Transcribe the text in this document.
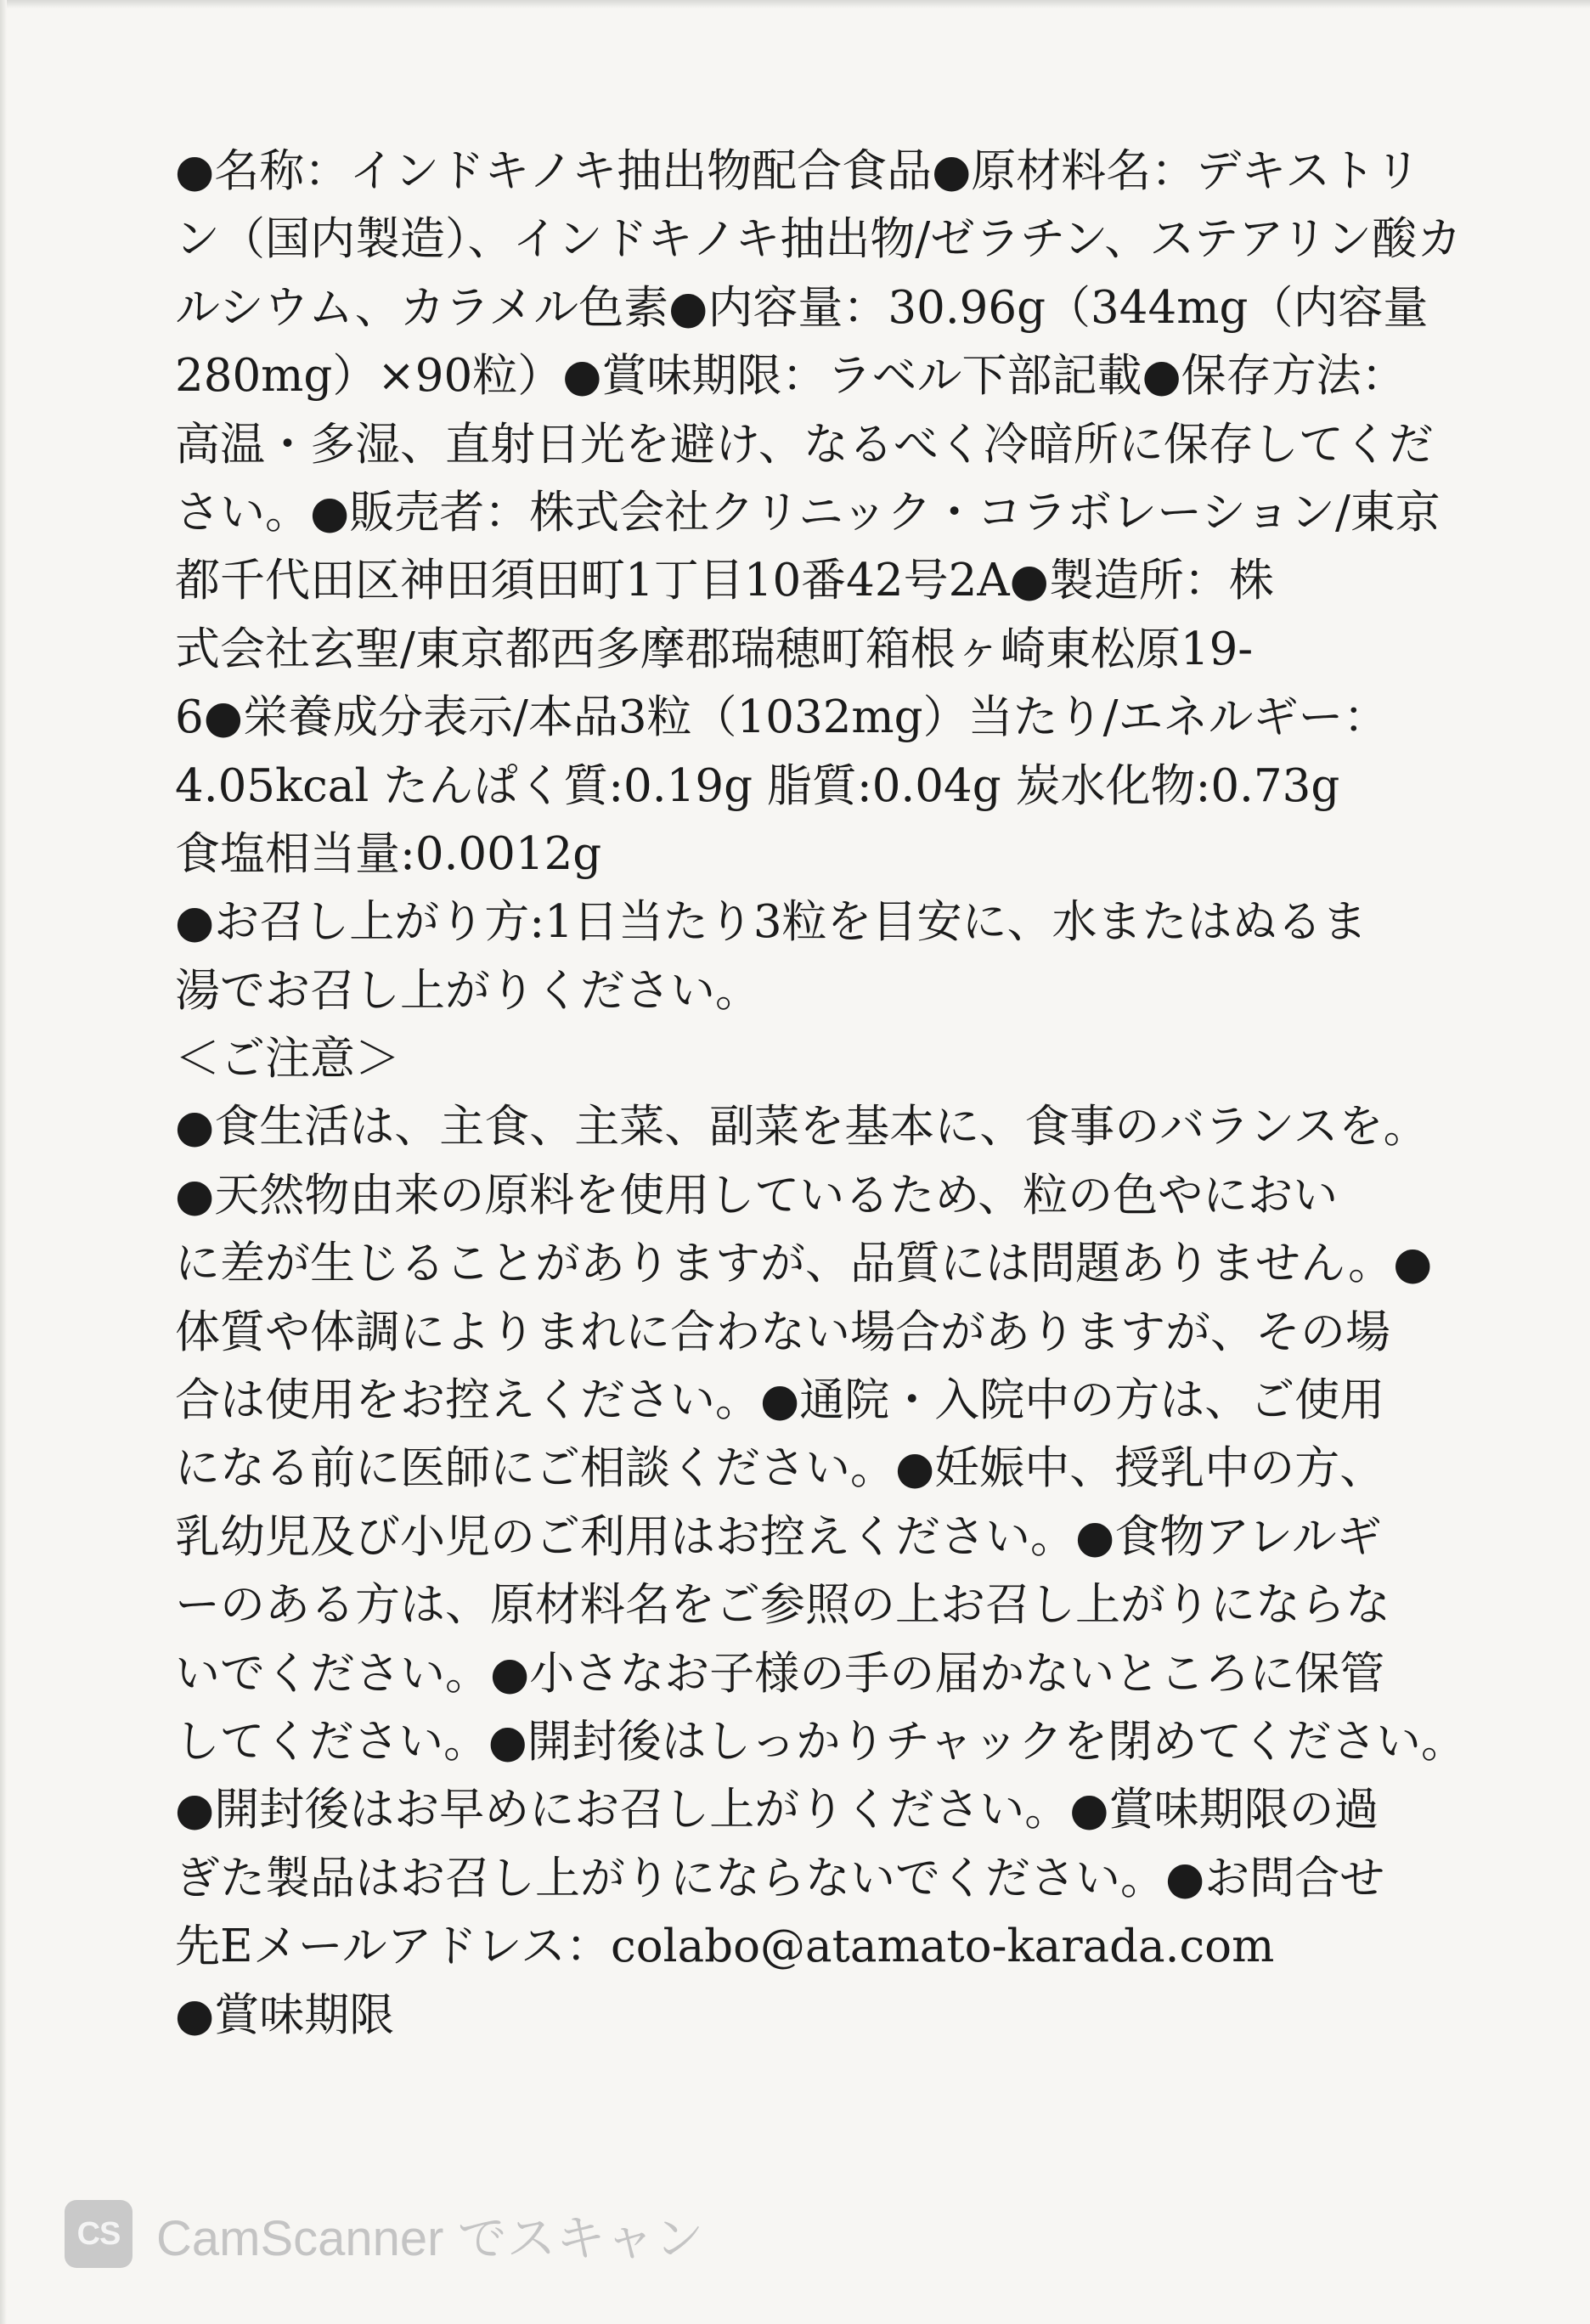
●名称：インドキノキ抽出物配合食品●原材料名：デキストリ
ン（国内製造）、インドキノキ抽出物/ゼラチン、ステアリン酸カ
ルシウム、カラメル色素●内容量：30.96g（344mg（内容量
280mg）×90粒）●賞味期限：ラベル下部記載●保存方法：
高温・多湿、直射日光を避け、なるべく冷暗所に保存してくだ
さい。●販売者：株式会社クリニック・コラボレーション/東京
都千代田区神田須田町1丁目10番42号2A●製造所：株
式会社玄聖/東京都西多摩郡瑞穂町箱根ヶ崎東松原19-
6●栄養成分表示/本品3粒（1032mg）当たり/エネルギー：
4.05kcal たんぱく質:0.19g 脂質:0.04g 炭水化物:0.73g
食塩相当量:0.0012g
●お召し上がり方:1日当たり3粒を目安に、水またはぬるま
湯でお召し上がりください。
＜ご注意＞
●食生活は、主食、主菜、副菜を基本に、食事のバランスを。
●天然物由来の原料を使用しているため、粒の色やにおい
に差が生じることがありますが、品質には問題ありません。●
体質や体調によりまれに合わない場合がありますが、その場
合は使用をお控えください。●通院・入院中の方は、ご使用
になる前に医師にご相談ください。●妊娠中、授乳中の方、
乳幼児及び小児のご利用はお控えください。●食物アレルギ
ーのある方は、原材料名をご参照の上お召し上がりにならな
いでください。●小さなお子様の手の届かないところに保管
してください。●開封後はしっかりチャックを閉めてください。
●開封後はお早めにお召し上がりください。●賞味期限の過
ぎた製品はお召し上がりにならないでください。●お問合せ
先Eメールアドレス：colabo@atamato-karada.com
●賞味期限
CS CamScanner でスキャン
